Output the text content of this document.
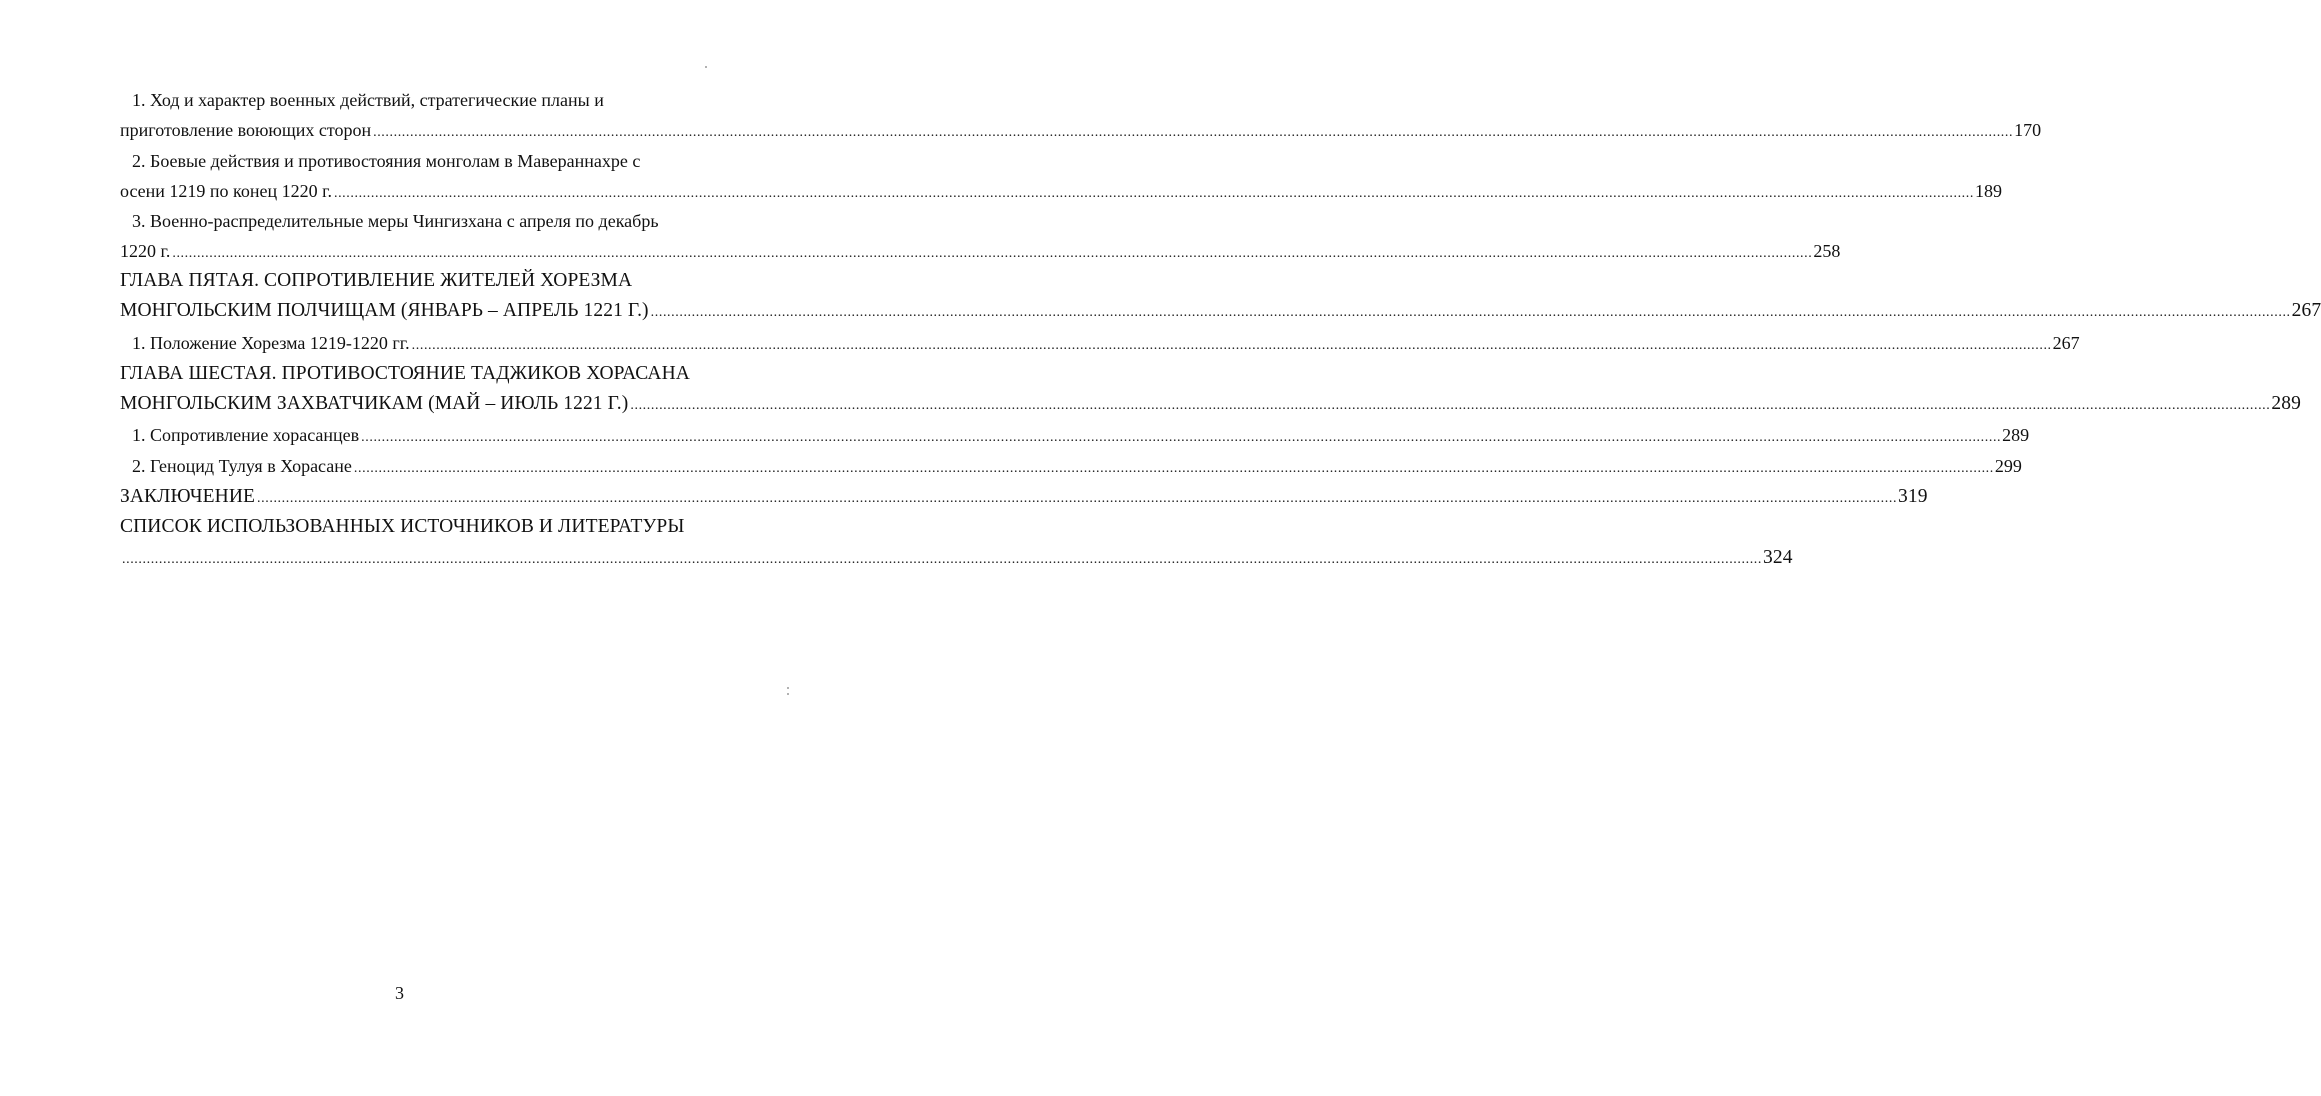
1. Ход и характер военных действий, стратегические планы и
приготовление воюющих сторон ................................................................................................................................................................................................................................................................................................................................................................................................................ 170
2. Боевые действия и противостояния монголам в Мавераннахре с
осени 1219 по конец 1220 г. ................................................................................................................................................................................................................................................................................................................................................................................................................ 189
3. Военно-распределительные меры Чингизхана с апреля по декабрь
1220 г. ................................................................................................................................................................................................................................................................................................................................................................................................................ 258
ГЛАВА ПЯТАЯ. СОПРОТИВЛЕНИЕ ЖИТЕЛЕЙ ХОРЕЗМА
МОНГОЛЬСКИМ ПОЛЧИЩАМ (ЯНВАРЬ – АПРЕЛЬ 1221 Г.) ................................................................................................................................................................................................................................................................................................................................................................................................................ 267
1. Положение Хорезма 1219-1220 гг. ................................................................................................................................................................................................................................................................................................................................................................................................................ 267
ГЛАВА ШЕСТАЯ. ПРОТИВОСТОЯНИЕ ТАДЖИКОВ ХОРАСАНА
МОНГОЛЬСКИМ ЗАХВАТЧИКАМ (МАЙ – ИЮЛЬ 1221 Г.) ................................................................................................................................................................................................................................................................................................................................................................................................................ 289
1. Сопротивление хорасанцев ................................................................................................................................................................................................................................................................................................................................................................................................................ 289
2. Геноцид Тулуя в Хорасане ................................................................................................................................................................................................................................................................................................................................................................................................................ 299
ЗАКЛЮЧЕНИЕ ................................................................................................................................................................................................................................................................................................................................................................................................................ 319
СПИСОК ИСПОЛЬЗОВАННЫХ ИСТОЧНИКОВ И ЛИТЕРАТУРЫ
................................................................................................................................................................................................................................................................................................................................................................................................................ 324
3
